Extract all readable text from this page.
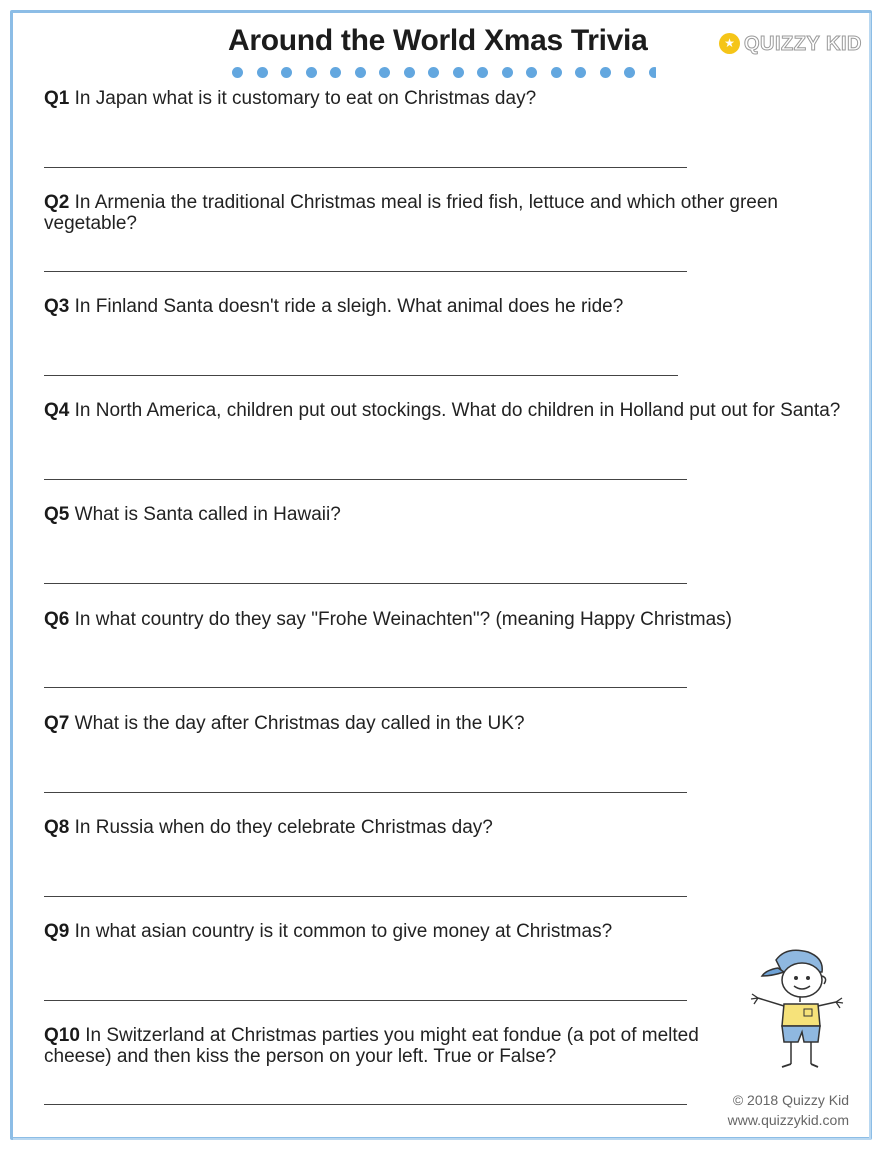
Around the World Xmas Trivia	★ QUIZZY KID
Q1 In Japan what is it customary to eat on Christmas day?
Q2 In Armenia the traditional Christmas meal is fried fish, lettuce and which other green vegetable?
Q3 In Finland Santa doesn't ride a sleigh. What animal does he ride?
Q4 In North America, children put out stockings. What do children in Holland put out for Santa?
Q5 What is Santa called in Hawaii?
Q6 In what country do they say "Frohe Weinachten"? (meaning Happy Christmas)
Q7 What is the day after Christmas day called in the UK?
Q8 In Russia when do they celebrate Christmas day?
Q9 In what asian country is it common to give money at Christmas?
Q10 In Switzerland at Christmas parties you might eat fondue (a pot of melted cheese) and then kiss the person on your left. True or False?
© 2018 Quizzy Kid
www.quizzykid.com
